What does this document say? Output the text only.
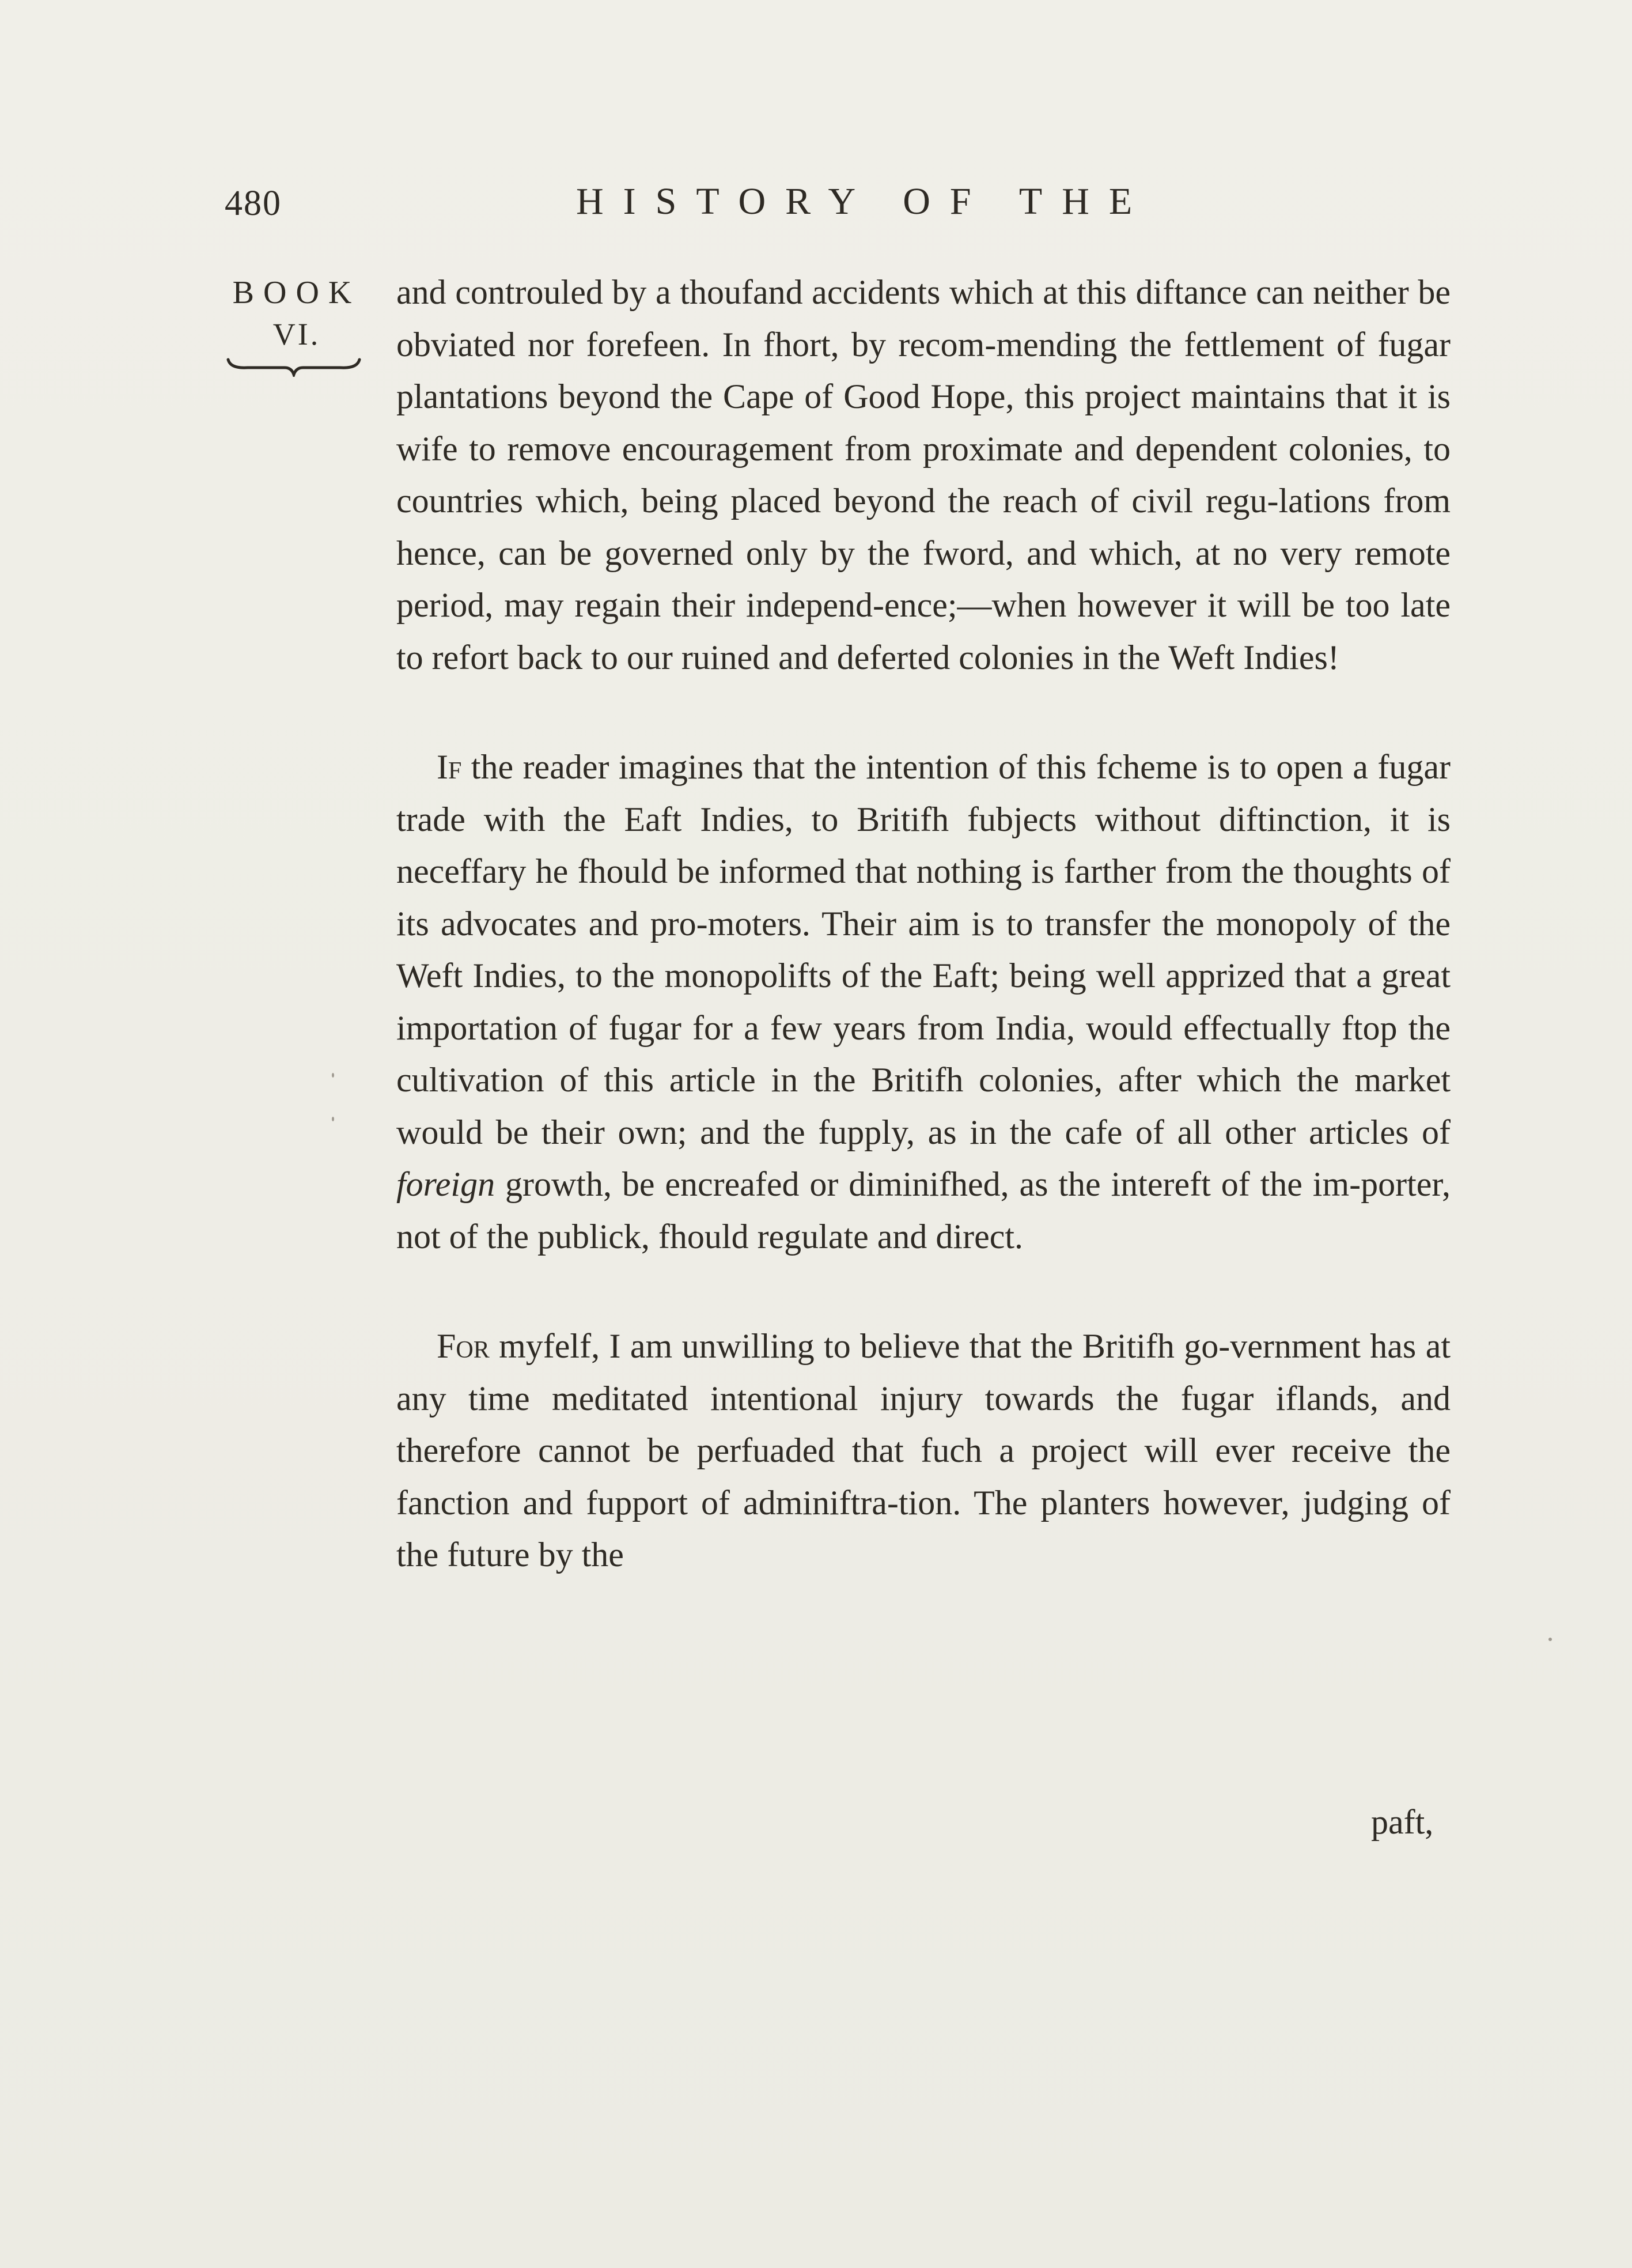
480	HISTORY OF THE
BOOK
VI.

and controuled by a thoufand accidents which at this diftance can neither be obviated nor forefeen. In fhort, by recom-mending the fettlement of fugar plantations beyond the Cape of Good Hope, this project maintains that it is wife to remove encouragement from proximate and dependent colonies, to countries which, being placed beyond the reach of civil regu-lations from hence, can be governed only by the fword, and which, at no very remote period, may regain their independ-ence;—when however it will be too late to refort back to our ruined and deferted colonies in the Weft Indies!

If the reader imagines that the intention of this fcheme is to open a fugar trade with the Eaft Indies, to Britifh fubjects without diftinction, it is neceffary he fhould be informed that nothing is farther from the thoughts of its advocates and pro-moters. Their aim is to transfer the monopoly of the Weft Indies, to the monopolifts of the Eaft; being well apprized that a great importation of fugar for a few years from India, would effectually ftop the cultivation of this article in the Britifh colonies, after which the market would be their own; and the fupply, as in the cafe of all other articles of foreign growth, be encreafed or diminifhed, as the intereft of the im-porter, not of the publick, fhould regulate and direct.

For myfelf, I am unwilling to believe that the Britifh go-vernment has at any time meditated intentional injury towards the fugar iflands, and therefore cannot be perfuaded that fuch a project will ever receive the fanction and fupport of adminiftra-tion. The planters however, judging of the future by the

paft,
